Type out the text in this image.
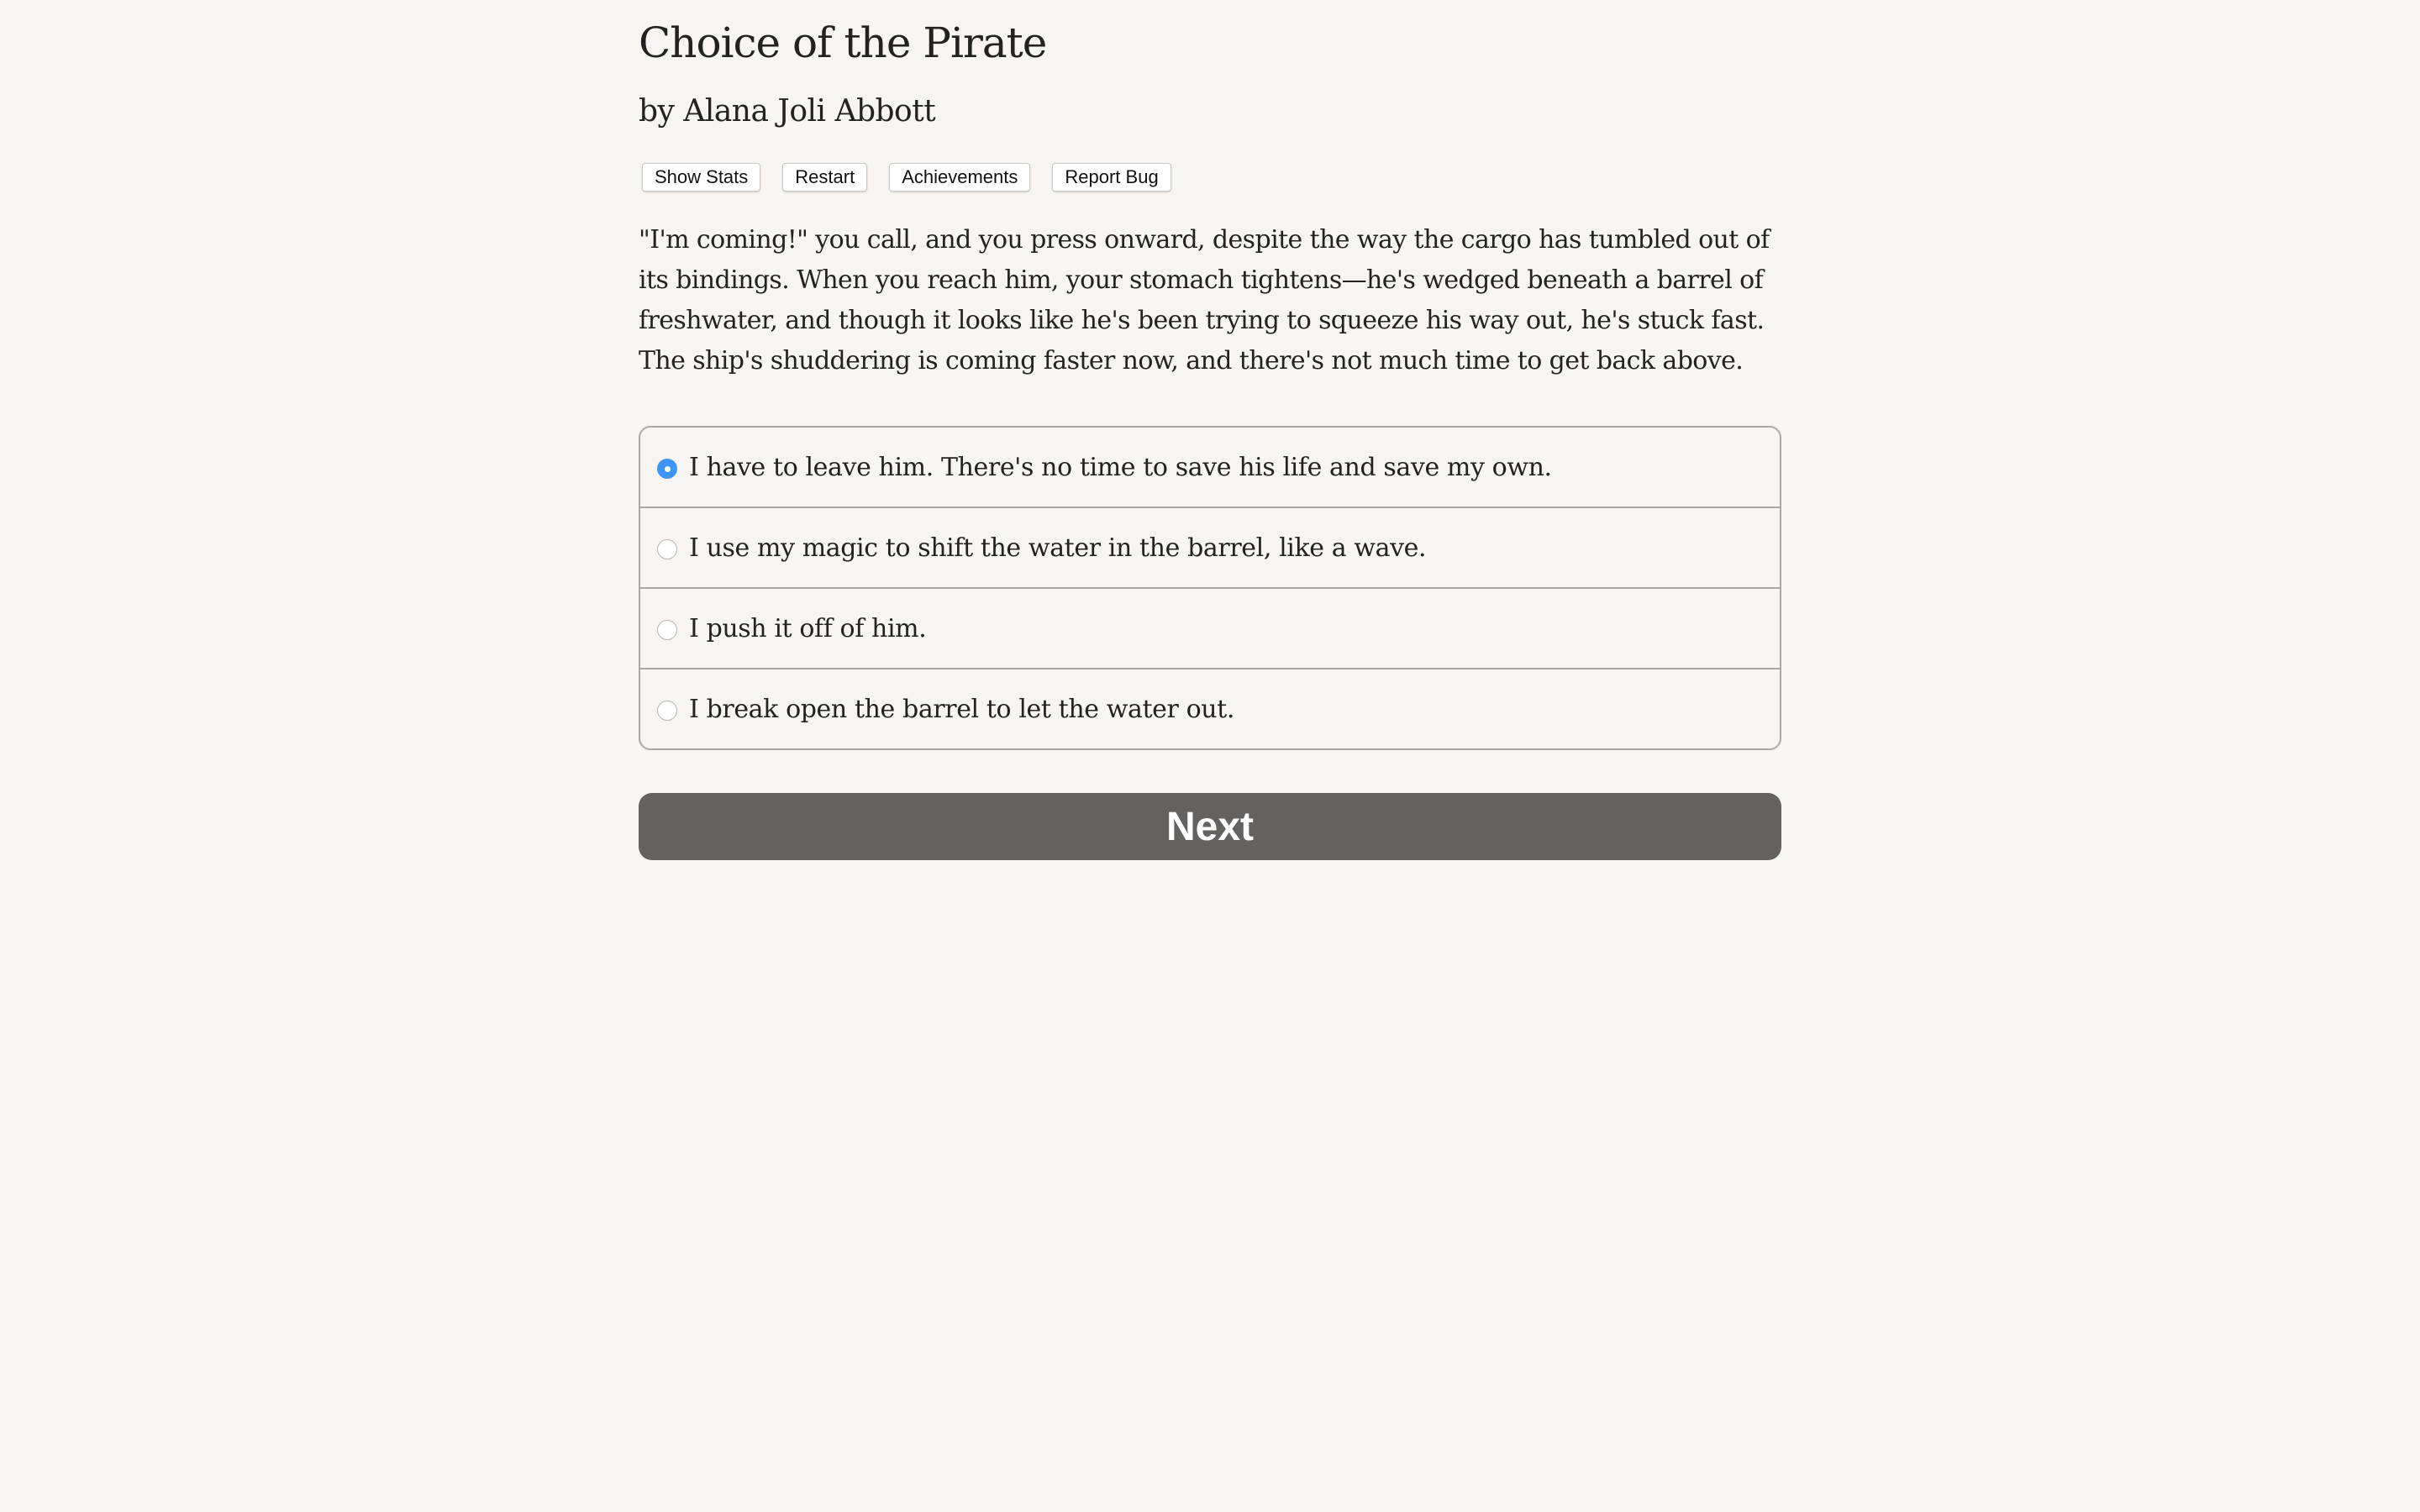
Choice of the Pirate

by Alana Joli Abbott

Show Stats	Restart	Achievements	Report Bug

"I'm coming!" you call, and you press onward, despite the way the cargo has tumbled out of its bindings. When you reach him, your stomach tightens—he's wedged beneath a barrel of freshwater, and though it looks like he's been trying to squeeze his way out, he's stuck fast. The ship's shuddering is coming faster now, and there's not much time to get back above.

I have to leave him. There's no time to save his life and save my own.
I use my magic to shift the water in the barrel, like a wave.
I push it off of him.
I break open the barrel to let the water out.
Next
